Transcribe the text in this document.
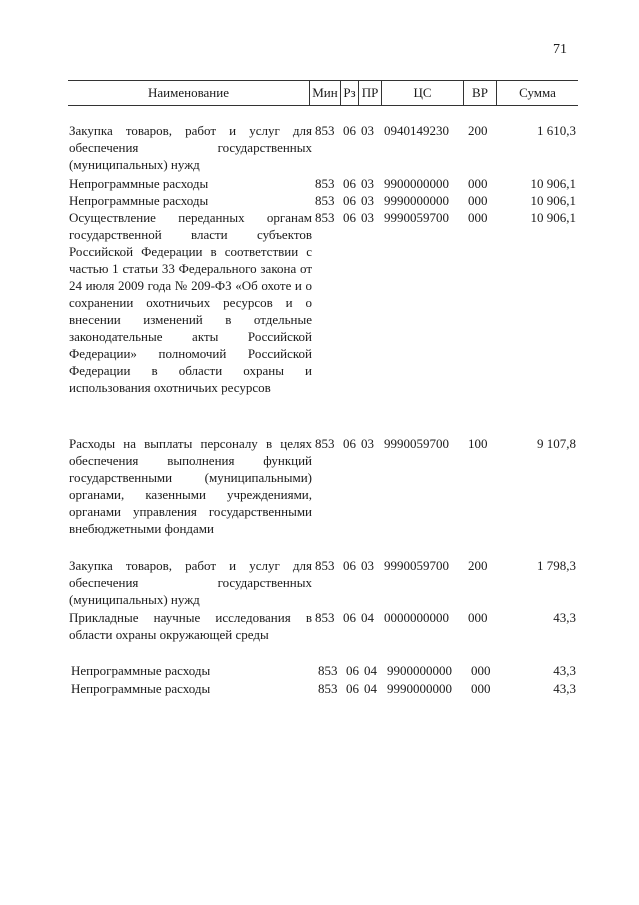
71
Наименование	Мин Рз ПР	ЦС	ВР	Сумма
Закупка товаров, работ и услуг для обеспечения государственных (муниципальных) нужд
853 06 03 0940149230 200	1 610,3
Непрограммные расходы	853 06 03 9900000000 000	10 906,1
Непрограммные расходы	853 06 03 9990000000 000	10 906,1
Осуществление переданных органам государственной власти субъектов Российской Федерации в соответствии с частью 1 статьи 33 Федерального закона от 24 июля 2009 года № 209-ФЗ «Об охоте и о сохранении охотничьих ресурсов и о внесении изменений в отдельные законодательные акты Российской Федерации» полномочий Российской Федерации в области охраны и использования охотничьих ресурсов
853 06 03 9990059700 000	10 906,1
Расходы на выплаты персоналу в целях обеспечения выполнения функций государственными (муниципальными) органами, казенными учреждениями, органами управления государственными внебюджетными фондами
853 06 03 9990059700 100	9 107,8
Закупка товаров, работ и услуг для обеспечения государственных (муниципальных) нужд
853 06 03 9990059700 200	1 798,3
Прикладные научные исследования в области охраны окружающей среды
853 06 04 0000000000 000	43,3
Непрограммные расходы	853 06 04 9900000000 000	43,3
Непрограммные расходы	853 06 04 9990000000 000	43,3
